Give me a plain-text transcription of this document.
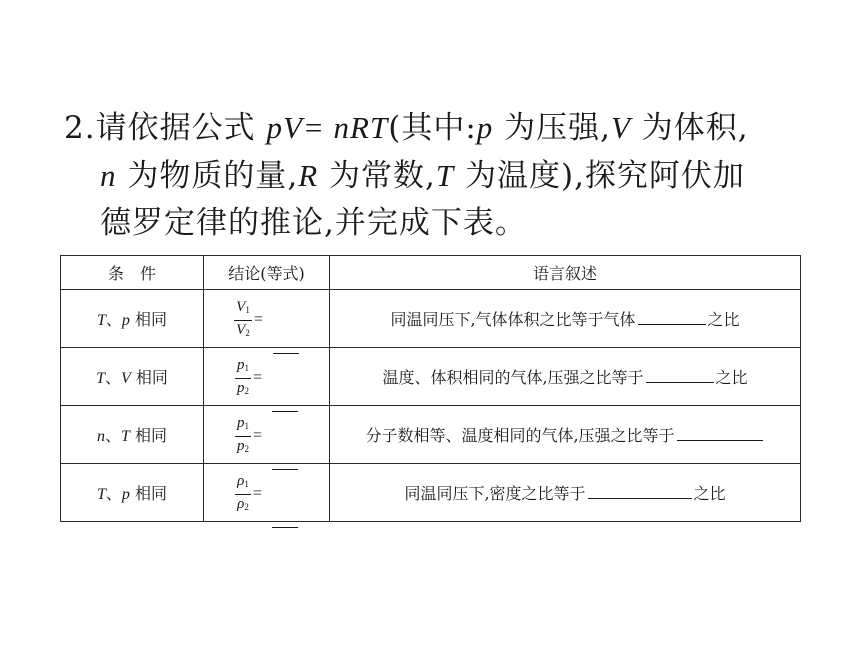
2.请依据公式 pV= nRT(其中:p 为压强,V 为体积,
n 为物质的量,R 为常数,T 为温度),探究阿伏加
德罗定律的推论,并完成下表。
条　件	结论(等式)	语言叙述
T、p 相同	$\frac{V_1}{V_2}$ =	同温同压下,气体体积之比等于气体 之比
T、V 相同	$\frac{p_1}{p_2}$ =	温度、体积相同的气体,压强之比等于 之比
n、T 相同	$\frac{p_1}{p_2}$ =	分子数相等、温度相同的气体,压强之比等于
T、p 相同	$\frac{\rho_1}{\rho_2}$ =	同温同压下,密度之比等于 之比
